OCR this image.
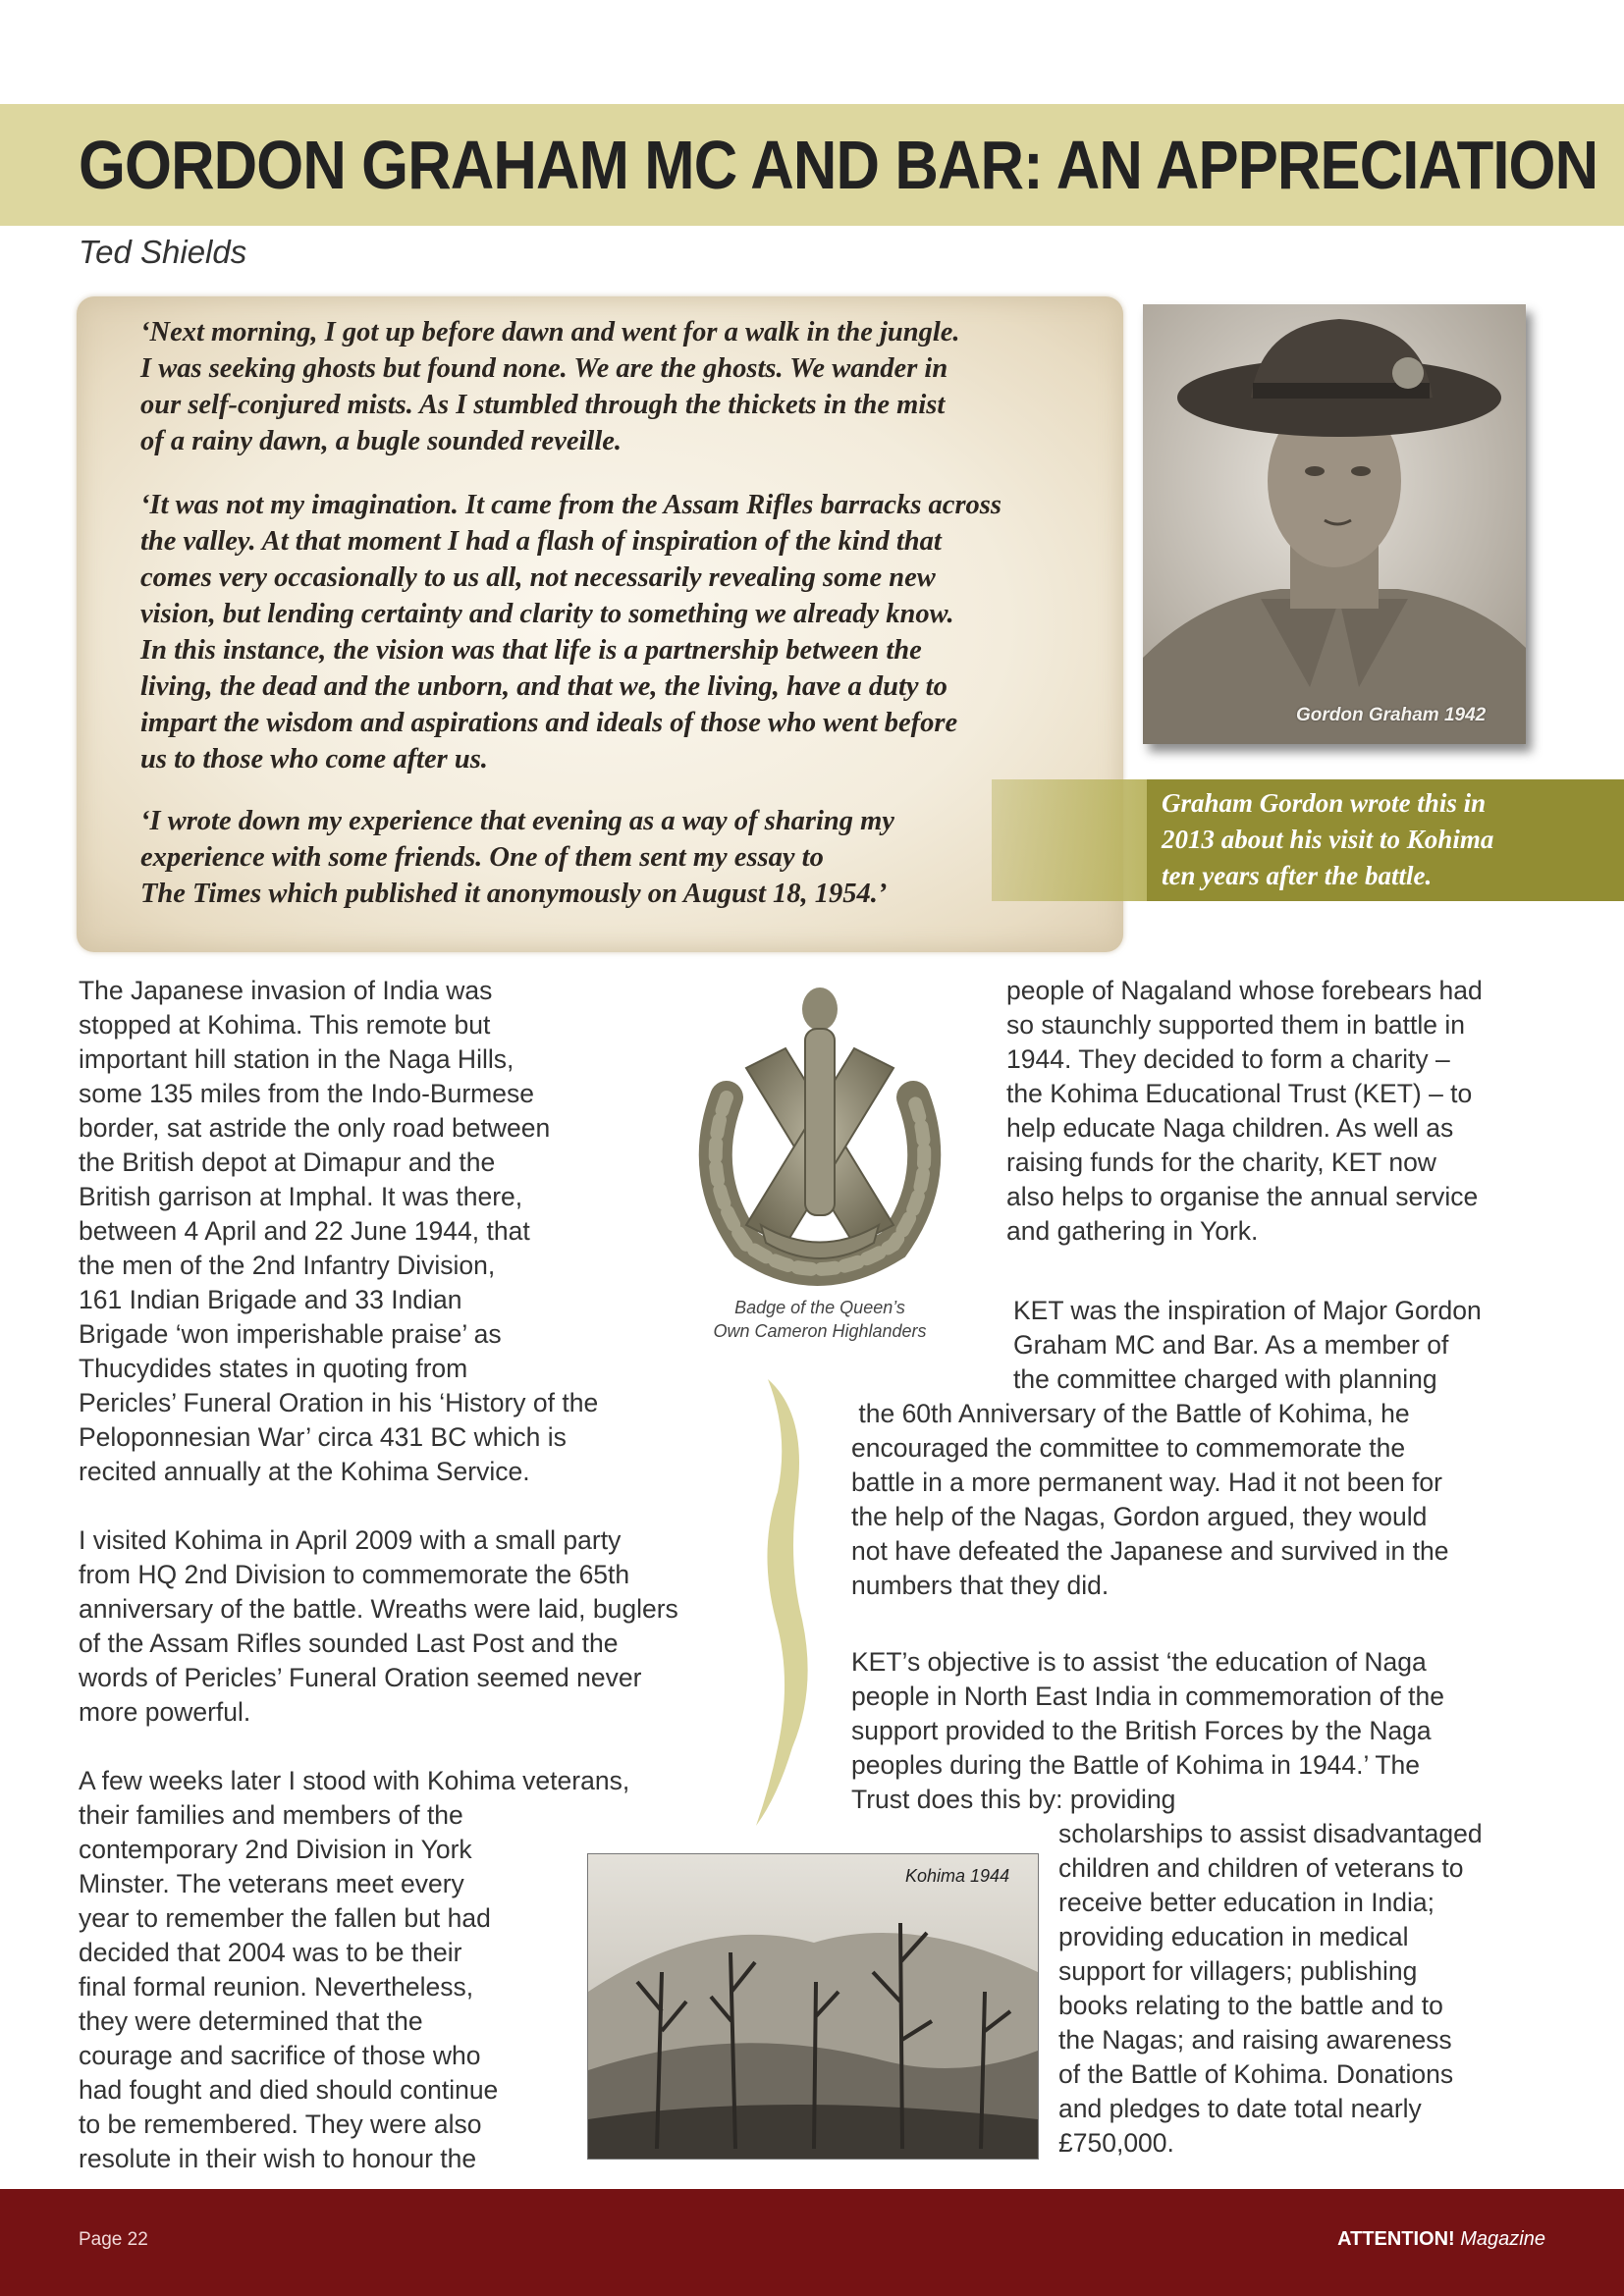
GORDON GRAHAM MC AND BAR: AN APPRECIATION

Ted Shields

‘Next morning, I got up before dawn and went for a walk in the jungle.
I was seeking ghosts but found none. We are the ghosts. We wander in
our self-conjured mists. As I stumbled through the thickets in the mist
of a rainy dawn, a bugle sounded reveille.

‘It was not my imagination. It came from the Assam Rifles barracks across
the valley. At that moment I had a flash of inspiration of the kind that
comes very occasionally to us all, not necessarily revealing some new
vision, but lending certainty and clarity to something we already know.
In this instance, the vision was that life is a partnership between the
living, the dead and the unborn, and that we, the living, have a duty to
impart the wisdom and aspirations and ideals of those who went before
us to those who come after us.

‘I wrote down my experience that evening as a way of sharing my
experience with some friends. One of them sent my essay to
The Times which published it anonymously on August 18, 1954.’

Gordon Graham 1942

Graham Gordon wrote this in
2013 about his visit to Kohima
ten years after the battle.

The Japanese invasion of India was
stopped at Kohima. This remote but
important hill station in the Naga Hills,
some 135 miles from the Indo-Burmese
border, sat astride the only road between
the British depot at Dimapur and the
British garrison at Imphal. It was there,
between 4 April and 22 June 1944, that
the men of the 2nd Infantry Division,
161 Indian Brigade and 33 Indian
Brigade ‘won imperishable praise’ as
Thucydides states in quoting from
Pericles’ Funeral Oration in his ‘History of the
Peloponnesian War’ circa 431 BC which is
recited annually at the Kohima Service.

I visited Kohima in April 2009 with a small party
from HQ 2nd Division to commemorate the 65th
anniversary of the battle. Wreaths were laid, buglers
of the Assam Rifles sounded Last Post and the
words of Pericles’ Funeral Oration seemed never
more powerful.

A few weeks later I stood with Kohima veterans,
their families and members of the
contemporary 2nd Division in York
Minster. The veterans meet every
year to remember the fallen but had
decided that 2004 was to be their
final formal reunion. Nevertheless,
they were determined that the
courage and sacrifice of those who
had fought and died should continue
to be remembered. They were also
resolute in their wish to honour the

Badge of the Queen’s
Own Cameron Highlanders

people of Nagaland whose forebears had
so staunchly supported them in battle in
1944. They decided to form a charity –
the Kohima Educational Trust (KET) – to
help educate Naga children. As well as
raising funds for the charity, KET now
also helps to organise the annual service
and gathering in York.

KET was the inspiration of Major Gordon
Graham MC and Bar. As a member of
the committee charged with planning

the 60th Anniversary of the Battle of Kohima, he
encouraged the committee to commemorate the
battle in a more permanent way. Had it not been for
the help of the Nagas, Gordon argued, they would
not have defeated the Japanese and survived in the
numbers that they did.

KET’s objective is to assist ‘the education of Naga
people in North East India in commemoration of the
support provided to the British Forces by the Naga
peoples during the Battle of Kohima in 1944.’ The
Trust does this by: providing

scholarships to assist disadvantaged
children and children of veterans to
receive better education in India;
providing education in medical
support for villagers; publishing
books relating to the battle and to
the Nagas; and raising awareness
of the Battle of Kohima. Donations
and pledges to date total nearly
£750,000.

Kohima 1944

Page 22	ATTENTION! Magazine
